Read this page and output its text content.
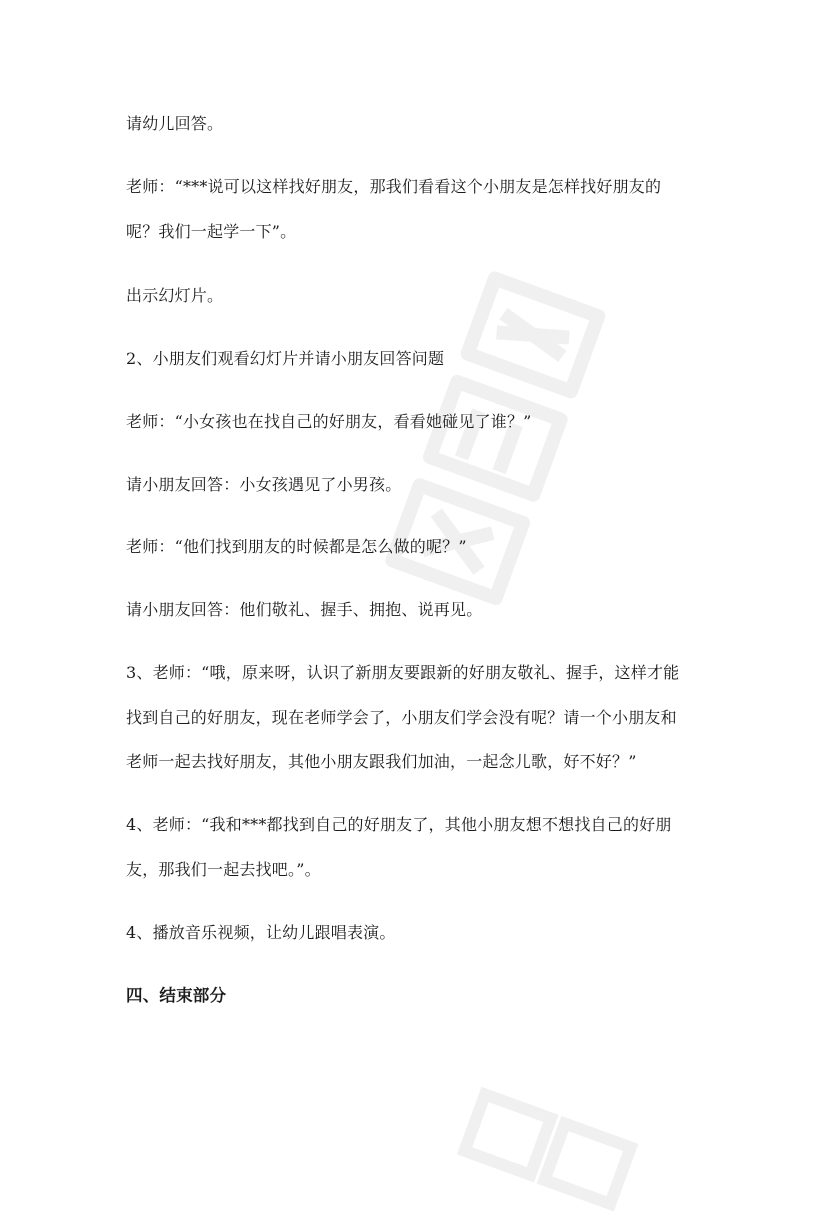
请幼儿回答。
老师：“***说可以这样找好朋友，那我们看看这个小朋友是怎样找好朋友的
呢？我们一起学一下”。
出示幻灯片。
2、小朋友们观看幻灯片并请小朋友回答问题
老师：“小女孩也在找自己的好朋友，看看她碰见了谁？”
请小朋友回答：小女孩遇见了小男孩。
老师：“他们找到朋友的时候都是怎么做的呢？”
请小朋友回答：他们敬礼、握手、拥抱、说再见。
3、老师：“哦，原来呀，认识了新朋友要跟新的好朋友敬礼、握手，这样才能
找到自己的好朋友，现在老师学会了，小朋友们学会没有呢？请一个小朋友和
老师一起去找好朋友，其他小朋友跟我们加油，一起念儿歌，好不好？”
4、老师：“我和***都找到自己的好朋友了，其他小朋友想不想找自己的好朋
友，那我们一起去找吧。”。
4、播放音乐视频，让幼儿跟唱表演。
四、结束部分
